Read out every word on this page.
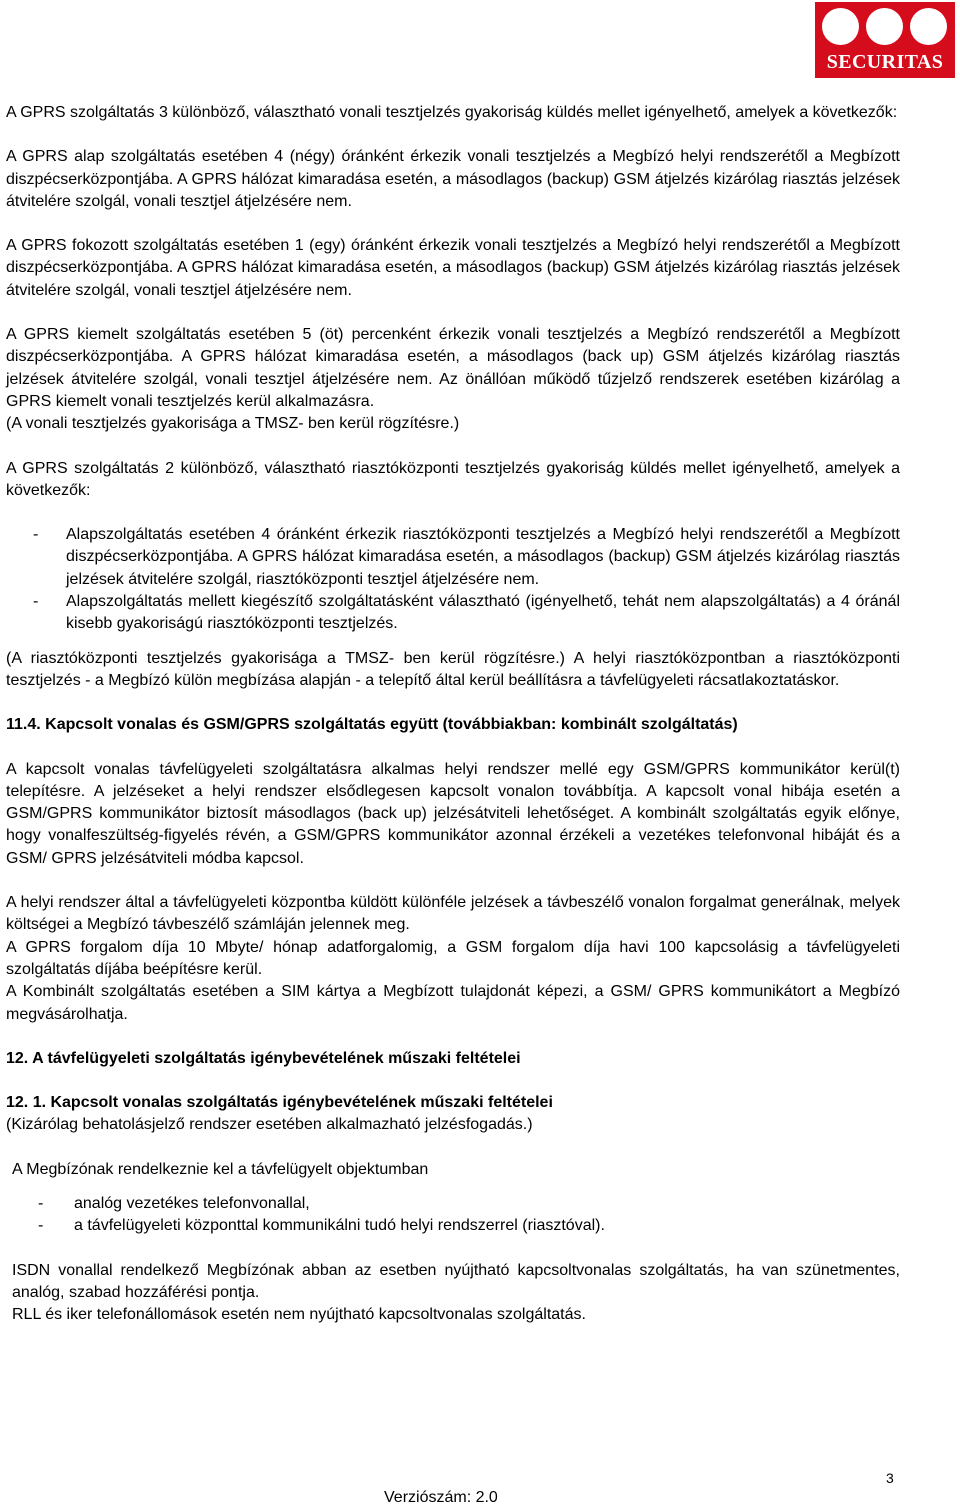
SECURITAS

A GPRS szolgáltatás 3 különböző, választható vonali tesztjelzés gyakoriság küldés mellet igényelhető, amelyek a következők:

A GPRS alap szolgáltatás esetében 4 (négy) óránként érkezik vonali tesztjelzés a Megbízó helyi rendszerétől a Megbízott diszpécserközpontjába. A GPRS hálózat kimaradása esetén, a másodlagos (backup) GSM átjelzés kizárólag riasztás jelzések átvitelére szolgál, vonali tesztjel átjelzésére nem.

A GPRS fokozott szolgáltatás esetében 1 (egy) óránként érkezik vonali tesztjelzés a Megbízó helyi rendszerétől a Megbízott diszpécserközpontjába. A GPRS hálózat kimaradása esetén, a másodlagos (backup) GSM átjelzés kizárólag riasztás jelzések átvitelére szolgál, vonali tesztjel átjelzésére nem.

A GPRS kiemelt szolgáltatás esetében 5 (öt) percenként érkezik vonali tesztjelzés a Megbízó rendszerétől a Megbízott diszpécserközpontjába. A GPRS hálózat kimaradása esetén, a másodlagos (back up) GSM átjelzés kizárólag riasztás jelzések átvitelére szolgál, vonali tesztjel átjelzésére nem. Az önállóan működő tűzjelző rendszerek esetében kizárólag a GPRS kiemelt vonali tesztjelzés kerül alkalmazásra.

(A vonali tesztjelzés gyakorisága a TMSZ- ben kerül rögzítésre.)

A GPRS szolgáltatás 2 különböző, választható riasztóközponti tesztjelzés gyakoriság küldés mellet igényelhető, amelyek a következők:

- Alapszolgáltatás esetében 4 óránként érkezik riasztóközponti tesztjelzés a Megbízó helyi rendszerétől a Megbízott diszpécserközpontjába. A GPRS hálózat kimaradása esetén, a másodlagos (backup) GSM átjelzés kizárólag riasztás jelzések átvitelére szolgál, riasztóközponti tesztjel átjelzésére nem.
- Alapszolgáltatás mellett kiegészítő szolgáltatásként választható (igényelhető, tehát nem alapszolgáltatás) a 4 óránál kisebb gyakoriságú riasztóközponti tesztjelzés.

(A riasztóközponti tesztjelzés gyakorisága a TMSZ- ben kerül rögzítésre.) A helyi riasztóközpontban a riasztóközponti tesztjelzés - a Megbízó külön megbízása alapján - a telepítő által kerül beállításra a távfelügyeleti rácsatlakoztatáskor.

11.4. Kapcsolt vonalas és GSM/GPRS szolgáltatás együtt (továbbiakban: kombinált szolgáltatás)

A kapcsolt vonalas távfelügyeleti szolgáltatásra alkalmas helyi rendszer mellé egy GSM/GPRS kommunikátor kerül(t) telepítésre. A jelzéseket a helyi rendszer elsődlegesen kapcsolt vonalon továbbítja. A kapcsolt vonal hibája esetén a GSM/GPRS kommunikátor biztosít másodlagos (back up) jelzésátviteli lehetőséget. A kombinált szolgáltatás egyik előnye, hogy vonalfeszültség-figyelés révén, a GSM/GPRS kommunikátor azonnal érzékeli a vezetékes telefonvonal hibáját és a GSM/ GPRS jelzésátviteli módba kapcsol.

A helyi rendszer által a távfelügyeleti központba küldött különféle jelzések a távbeszélő vonalon forgalmat generálnak, melyek költségei a Megbízó távbeszélő számláján jelennek meg.

A GPRS forgalom díja 10 Mbyte/ hónap adatforgalomig, a GSM forgalom díja havi 100 kapcsolásig a távfelügyeleti szolgáltatás díjába beépítésre kerül.

A Kombinált szolgáltatás esetében a SIM kártya a Megbízott tulajdonát képezi, a GSM/ GPRS kommunikátort a Megbízó megvásárolhatja.

12. A távfelügyeleti szolgáltatás igénybevételének műszaki feltételei
12. 1. Kapcsolt vonalas szolgáltatás igénybevételének műszaki feltételei

(Kizárólag behatolásjelző rendszer esetében alkalmazható jelzésfogadás.)

A Megbízónak rendelkeznie kel a távfelügyelt objektumban

- analóg vezetékes telefonvonallal,
- a távfelügyeleti központtal kommunikálni tudó helyi rendszerrel (riasztóval).

ISDN vonallal rendelkező Megbízónak abban az esetben nyújtható kapcsoltvonalas szolgáltatás, ha van szünetmentes, analóg, szabad hozzáférési pontja.

RLL és iker telefonállomások esetén nem nyújtható kapcsoltvonalas szolgáltatás.

3
Verziószám: 2.0
